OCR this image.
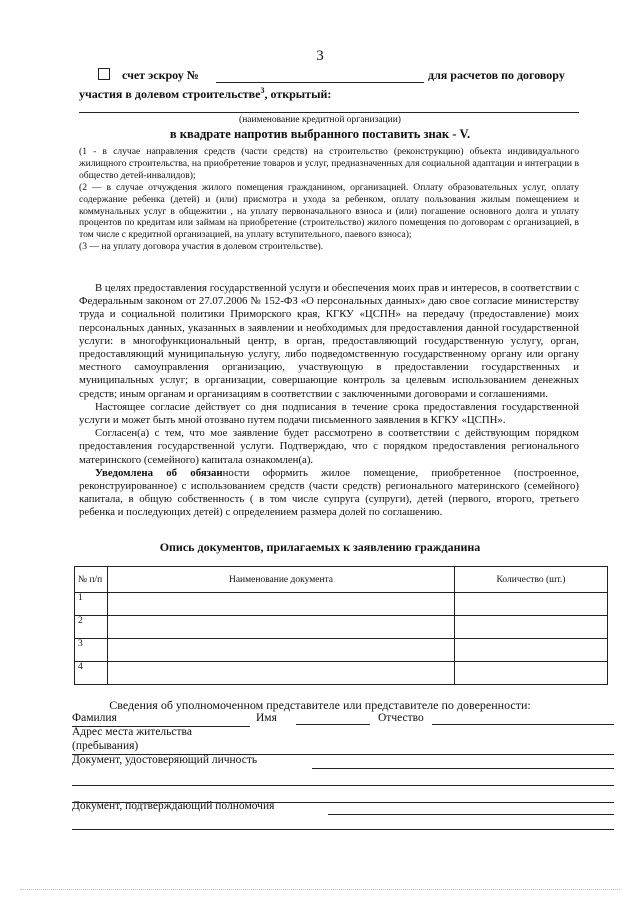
3
счет эскроу №	для расчетов по договору
участия в долевом строительстве$^3$, открытый:
(наименование кредитной организации)
в квадрате напротив выбранного поставить знак - V.
(1 - в случае направления средств (части средств) на строительство (реконструкцию) объекта индивидуального жилищного строительства, на приобретение товаров и услуг, предназначенных для социальной адаптации и интеграции в общество детей-инвалидов);
(2 — в случае отчуждения жилого помещения гражданином, организацией. Оплату образовательных услуг, оплату содержание ребенка (детей) и (или) присмотра и ухода за ребенком, оплату пользования жилым помещением и коммунальных услуг в общежитии , на уплату первоначального взноса и (или) погашение основного долга и уплату процентов по кредитам или займам на приобретение (строительство) жилого помещения по договорам с организацией, в том числе с кредитной организацией, на уплату вступительного, паевого взноса);
(3 — на уплату договора участия в долевом строительстве).

В целях предоставления государственной услуги и обеспечения моих прав и интересов, в соответствии с Федеральным законом от 27.07.2006 № 152-ФЗ «О персональных данных» даю свое согласие министерству труда и социальной политики Приморского края, КГКУ «ЦСПН» на передачу (предоставление) моих персональных данных, указанных в заявлении и необходимых для предоставления данной государственной услуги: в многофункциональный центр, в орган, предоставляющий государственную услугу, орган, предоставляющий муниципальную услугу, либо подведомственную государственному органу или органу местного самоуправления организацию, участвующую в предоставлении государственных и муниципальных услуг; в организации, совершающие контроль за целевым использованием денежных средств; иным органам и организациям в соответствии с заключенными договорами и соглашениями.

Настоящее согласие действует со дня подписания в течение срока предоставления государственной услуги и может быть мной отозвано путем подачи письменного заявления в КГКУ «ЦСПН».

Согласен(а) с тем, что мое заявление будет рассмотрено в соответствии с действующим порядком предоставления государственной услуги. Подтверждаю, что с порядком предоставления регионального материнского (семейного) капитала ознакомлен(а).

Уведомлена об обязанности оформить жилое помещение, приобретенное (построенное, реконструированное) с использованием средств (части средств) регионального материнского (семейного) капитала, в общую собственность ( в том числе супруга (супруги), детей (первого, второго, третьего ребенка и последующих детей) с определением размера долей по соглашению.

Опись документов, прилагаемых к заявлению гражданина
№ п/п	Наименование документа	Количество (шт.)
1		
2		
3		
4		
Сведения об уполномоченном представителе или представителе по доверенности:
Фамилия	Имя	Отчество
Адрес места жительства
(пребывания)
Документ, удостоверяющий личность
Документ, подтверждающий полномочия
